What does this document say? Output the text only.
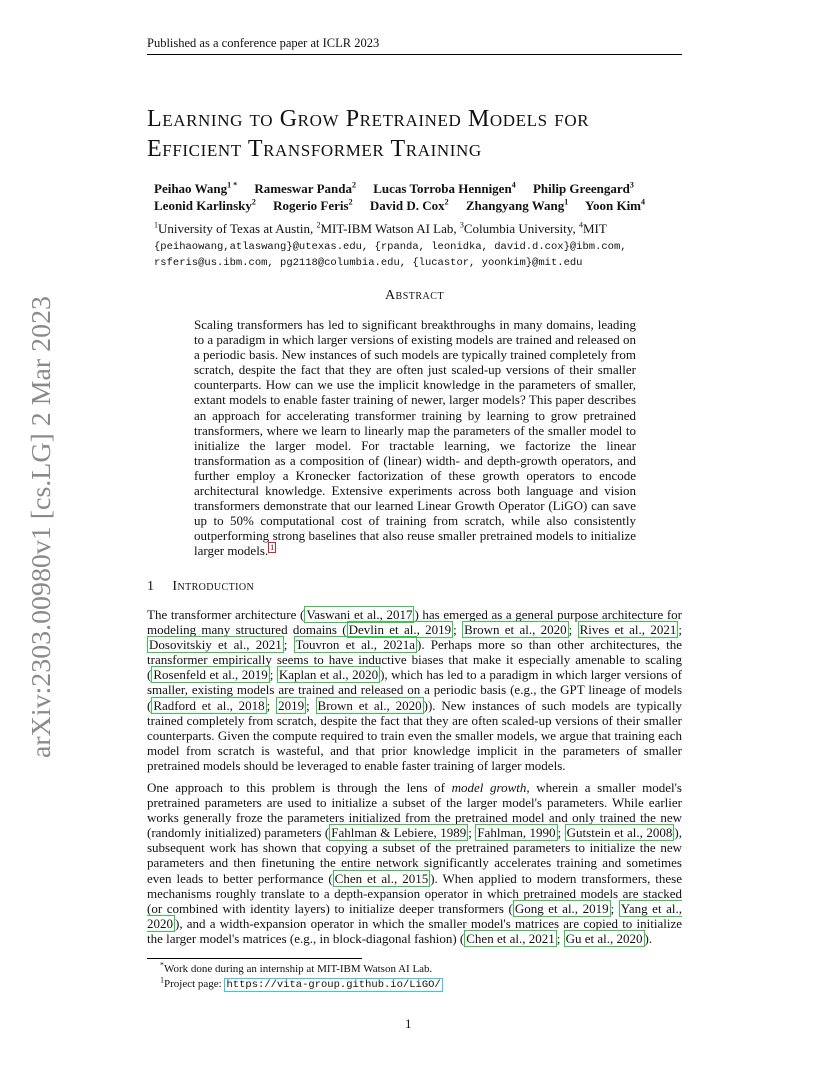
Published as a conference paper at ICLR 2023
arXiv:2303.00980v1 [cs.LG] 2 Mar 2023
Learning to Grow Pretrained Models for
Efficient Transformer Training
Peihao Wang$^{1 *}$ Rameswar Panda$^2$ Lucas Torroba Hennigen$^4$ Philip Greengard$^3$
Leonid Karlinsky$^2$ Rogerio Feris$^2$ David D. Cox$^2$ Zhangyang Wang$^1$ Yoon Kim$^4$
$^1$University of Texas at Austin, $^2$MIT-IBM Watson AI Lab, $^3$Columbia University, $^4$MIT
{peihaowang,atlaswang}@utexas.edu, {rpanda, leonidka, david.d.cox}@ibm.com,
rsferis@us.ibm.com, pg2118@columbia.edu, {lucastor, yoonkim}@mit.edu
Abstract
Scaling transformers has led to significant breakthroughs in many domains, leading to a paradigm in which larger versions of existing models are trained and released on a periodic basis. New instances of such models are typically trained completely from scratch, despite the fact that they are often just scaled-up versions of their smaller counterparts. How can we use the implicit knowledge in the parameters of smaller, extant models to enable faster training of newer, larger models? This paper describes an approach for accelerating transformer training by learning to grow pretrained transformers, where we learn to linearly map the parameters of the smaller model to initialize the larger model. For tractable learning, we factorize the linear transformation as a composition of (linear) width- and depth-growth operators, and further employ a Kronecker factorization of these growth operators to encode architectural knowledge. Extensive experiments across both language and vision transformers demonstrate that our learned Linear Growth Operator (LiGO) can save up to 50% computational cost of training from scratch, while also consistently outperforming strong baselines that also reuse smaller pretrained models to initialize larger models. $^1$
1 Introduction
The transformer architecture ( Vaswani et al., 2017 ) has emerged as a general purpose architecture for modeling many structured domains ( Devlin et al., 2019 ; Brown et al., 2020 ; Rives et al., 2021 ; Dosovitskiy et al., 2021 ; Touvron et al., 2021a ). Perhaps more so than other architectures, the transformer empirically seems to have inductive biases that make it especially amenable to scaling ( Rosenfeld et al., 2019 ; Kaplan et al., 2020 ), which has led to a paradigm in which larger versions of smaller, existing models are trained and released on a periodic basis (e.g., the GPT lineage of models ( Radford et al., 2018 ; 2019 ; Brown et al., 2020 )). New instances of such models are typically trained completely from scratch, despite the fact that they are often scaled-up versions of their smaller counterparts. Given the compute required to train even the smaller models, we argue that training each model from scratch is wasteful, and that prior knowledge implicit in the parameters of smaller pretrained models should be leveraged to enable faster training of larger models.
One approach to this problem is through the lens of model growth, wherein a smaller model's pretrained parameters are used to initialize a subset of the larger model's parameters. While earlier works generally froze the parameters initialized from the pretrained model and only trained the new (randomly initialized) parameters ( Fahlman & Lebiere, 1989 ; Fahlman, 1990 ; Gutstein et al., 2008 ), subsequent work has shown that copying a subset of the pretrained parameters to initialize the new parameters and then finetuning the entire network significantly accelerates training and sometimes even leads to better performance ( Chen et al., 2015 ). When applied to modern transformers, these mechanisms roughly translate to a depth-expansion operator in which pretrained models are stacked (or combined with identity layers) to initialize deeper transformers ( Gong et al., 2019 ; Yang et al., 2020 ), and a width-expansion operator in which the smaller model's matrices are copied to initialize the larger model's matrices (e.g., in block-diagonal fashion) ( Chen et al., 2021 ; Gu et al., 2020 ).
*Work done during an internship at MIT-IBM Watson AI Lab.
$^1$Project page: https://vita-group.github.io/LiGO/
1
